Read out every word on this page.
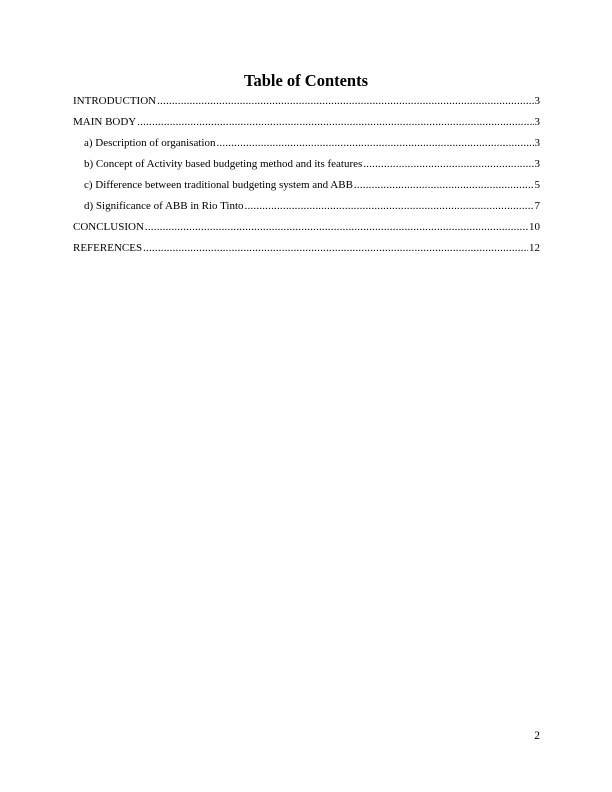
Table of Contents
INTRODUCTION .....	3
MAIN BODY .....	3
a) Description of organisation .....	3
b) Concept of Activity based budgeting method and its features .....	3
c) Difference between traditional budgeting system and ABB .....	5
d) Significance of ABB in Rio Tinto .....	7
CONCLUSION .....	10
REFERENCES .....	12
2
